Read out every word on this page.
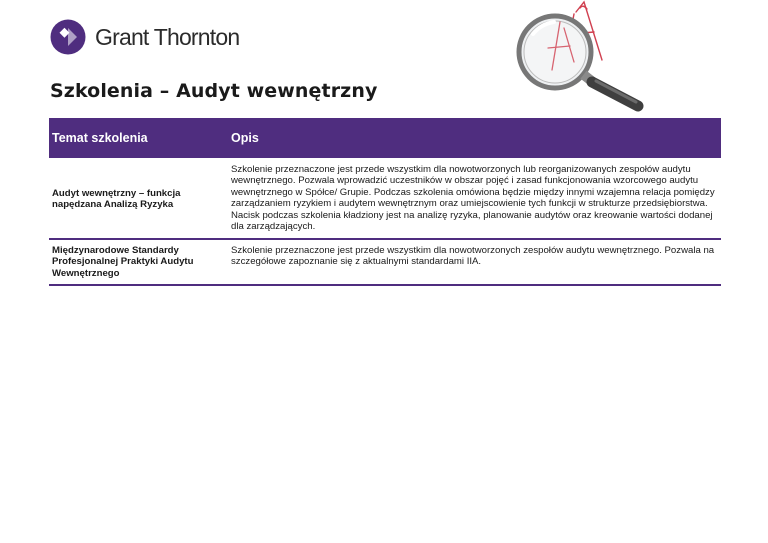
Grant Thornton
Szkolenia – Audyt wewnętrzny
Temat szkolenia	Opis
Audyt wewnętrzny – funkcja napędzana Analizą Ryzyka
Szkolenie przeznaczone jest przede wszystkim dla nowotworzonych lub reorganizowanych zespołów audytu wewnętrznego. Pozwala wprowadzić uczestników w obszar pojęć i zasad funkcjonowania wzorcowego audytu wewnętrznego w Spółce/ Grupie. Podczas szkolenia omówiona będzie między innymi wzajemna relacja pomiędzy zarządzaniem ryzykiem i audytem wewnętrznym oraz umiejscowienie tych funkcji w strukturze przedsiębiorstwa. Nacisk podczas szkolenia kładziony jest na analizę ryzyka, planowanie audytów oraz kreowanie wartości dodanej dla zarządzających.
Międzynarodowe Standardy Profesjonalnej Praktyki Audytu Wewnętrznego
Szkolenie przeznaczone jest przede wszystkim dla nowotworzonych zespołów audytu wewnętrznego. Pozwala na szczegółowe zapoznanie się z aktualnymi standardami IIA.
